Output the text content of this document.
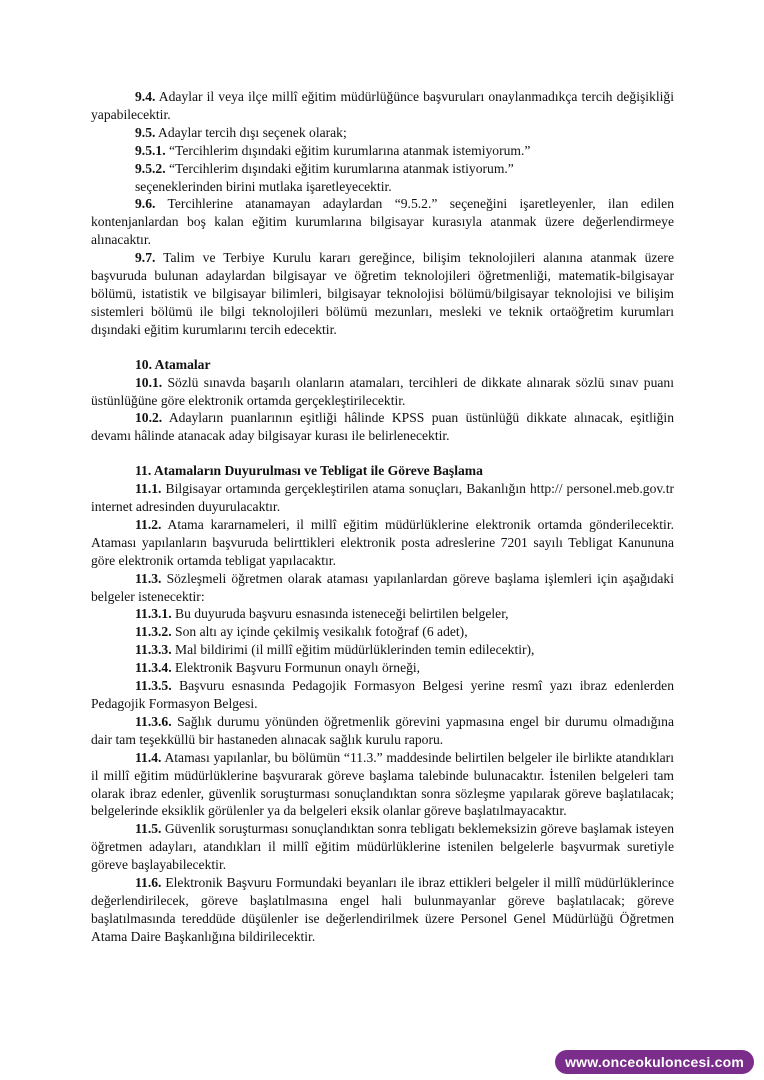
9.4. Adaylar il veya ilçe millî eğitim müdürlüğünce başvuruları onaylanmadıkça tercih değişikliği yapabilecektir.

9.5. Adaylar tercih dışı seçenek olarak;

9.5.1. “Tercihlerim dışındaki eğitim kurumlarına atanmak istemiyorum.”

9.5.2. “Tercihlerim dışındaki eğitim kurumlarına atanmak istiyorum.”

seçeneklerinden birini mutlaka işaretleyecektir.

9.6. Tercihlerine atanamayan adaylardan “9.5.2.” seçeneğini işaretleyenler, ilan edilen kontenjanlardan boş kalan eğitim kurumlarına bilgisayar kurasıyla atanmak üzere değerlendirmeye alınacaktır.

9.7. Talim ve Terbiye Kurulu kararı gereğince, bilişim teknolojileri alanına atanmak üzere başvuruda bulunan adaylardan bilgisayar ve öğretim teknolojileri öğretmenliği, matematik-bilgisayar bölümü, istatistik ve bilgisayar bilimleri, bilgisayar teknolojisi bölümü/bilgisayar teknolojisi ve bilişim sistemleri bölümü ile bilgi teknolojileri bölümü mezunları, mesleki ve teknik ortaöğretim kurumları dışındaki eğitim kurumlarını tercih edecektir.

10. Atamalar

10.1. Sözlü sınavda başarılı olanların atamaları, tercihleri de dikkate alınarak sözlü sınav puanı üstünlüğüne göre elektronik ortamda gerçekleştirilecektir.

10.2. Adayların puanlarının eşitliği hâlinde KPSS puan üstünlüğü dikkate alınacak, eşitliğin devamı hâlinde atanacak aday bilgisayar kurası ile belirlenecektir.

11. Atamaların Duyurulması ve Tebligat ile Göreve Başlama

11.1. Bilgisayar ortamında gerçekleştirilen atama sonuçları, Bakanlığın http:// personel.meb.gov.tr internet adresinden duyurulacaktır.

11.2. Atama kararnameleri, il millî eğitim müdürlüklerine elektronik ortamda gönderilecektir. Ataması yapılanların başvuruda belirttikleri elektronik posta adreslerine 7201 sayılı Tebligat Kanununa göre elektronik ortamda tebligat yapılacaktır.

11.3. Sözleşmeli öğretmen olarak ataması yapılanlardan göreve başlama işlemleri için aşağıdaki belgeler istenecektir:

11.3.1. Bu duyuruda başvuru esnasında isteneceği belirtilen belgeler,

11.3.2. Son altı ay içinde çekilmiş vesikalık fotoğraf (6 adet),

11.3.3. Mal bildirimi (il millî eğitim müdürlüklerinden temin edilecektir),

11.3.4. Elektronik Başvuru Formunun onaylı örneği,

11.3.5. Başvuru esnasında Pedagojik Formasyon Belgesi yerine resmî yazı ibraz edenlerden Pedagojik Formasyon Belgesi.

11.3.6. Sağlık durumu yönünden öğretmenlik görevini yapmasına engel bir durumu olmadığına dair tam teşekküllü bir hastaneden alınacak sağlık kurulu raporu.

11.4. Ataması yapılanlar, bu bölümün “11.3.” maddesinde belirtilen belgeler ile birlikte atandıkları il millî eğitim müdürlüklerine başvurarak göreve başlama talebinde bulunacaktır. İstenilen belgeleri tam olarak ibraz edenler, güvenlik soruşturması sonuçlandıktan sonra sözleşme yapılarak göreve başlatılacak; belgelerinde eksiklik görülenler ya da belgeleri eksik olanlar göreve başlatılmayacaktır.

11.5. Güvenlik soruşturması sonuçlandıktan sonra tebligatı beklemeksizin göreve başlamak isteyen öğretmen adayları, atandıkları il millî eğitim müdürlüklerine istenilen belgelerle başvurmak suretiyle göreve başlayabilecektir.

11.6. Elektronik Başvuru Formundaki beyanları ile ibraz ettikleri belgeler il millî müdürlüklerince değerlendirilecek, göreve başlatılmasına engel hali bulunmayanlar göreve başlatılacak; göreve başlatılmasında tereddüde düşülenler ise değerlendirilmek üzere Personel Genel Müdürlüğü Öğretmen Atama Daire Başkanlığına bildirilecektir.

www.onceokuloncesi.com
